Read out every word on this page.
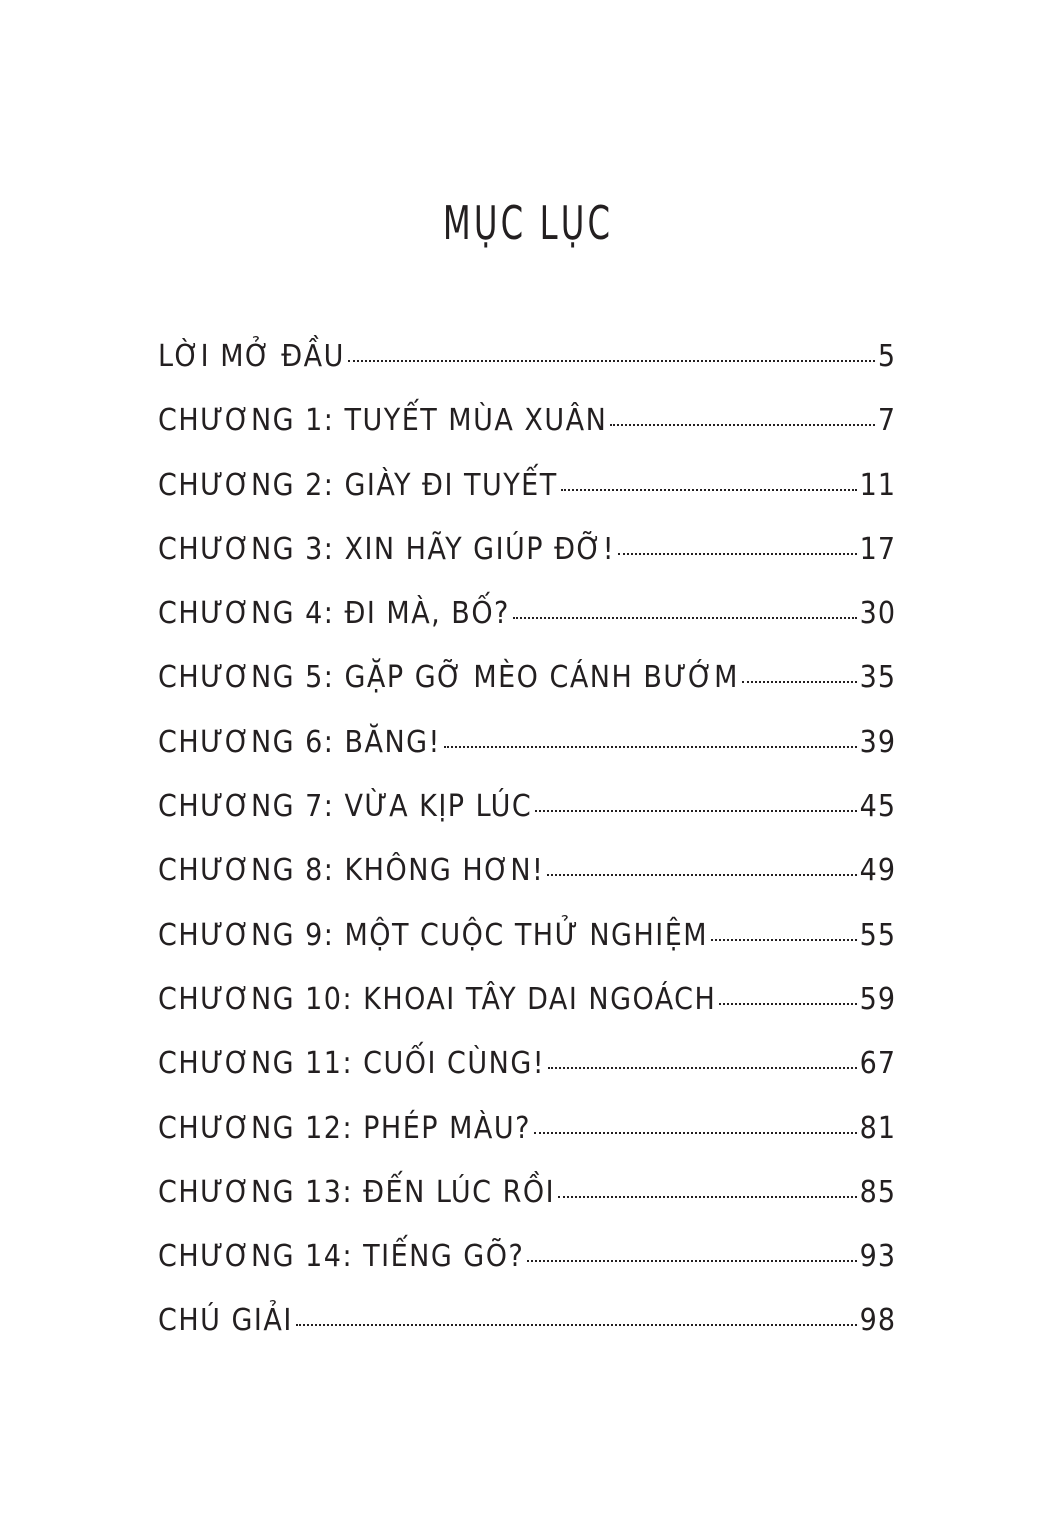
MỤC LỤC
LỜI MỞ ĐẦU	5
CHƯƠNG 1: TUYẾT MÙA XUÂN	7
CHƯƠNG 2: GIÀY ĐI TUYẾT	11
CHƯƠNG 3: XIN HÃY GIÚP ĐỠ!	17
CHƯƠNG 4: ĐI MÀ, BỐ?	30
CHƯƠNG 5: GẶP GỠ MÈO CÁNH BƯỚM	35
CHƯƠNG 6: BĂNG!	39
CHƯƠNG 7: VỪA KỊP LÚC	45
CHƯƠNG 8: KHÔNG HƠN!	49
CHƯƠNG 9: MỘT CUỘC THỬ NGHIỆM	55
CHƯƠNG 10: KHOAI TÂY DAI NGOÁCH	59
CHƯƠNG 11: CUỐI CÙNG!	67
CHƯƠNG 12: PHÉP MÀU?	81
CHƯƠNG 13: ĐẾN LÚC RỒI	85
CHƯƠNG 14: TIẾNG GÕ?	93
CHÚ GIẢI	98
